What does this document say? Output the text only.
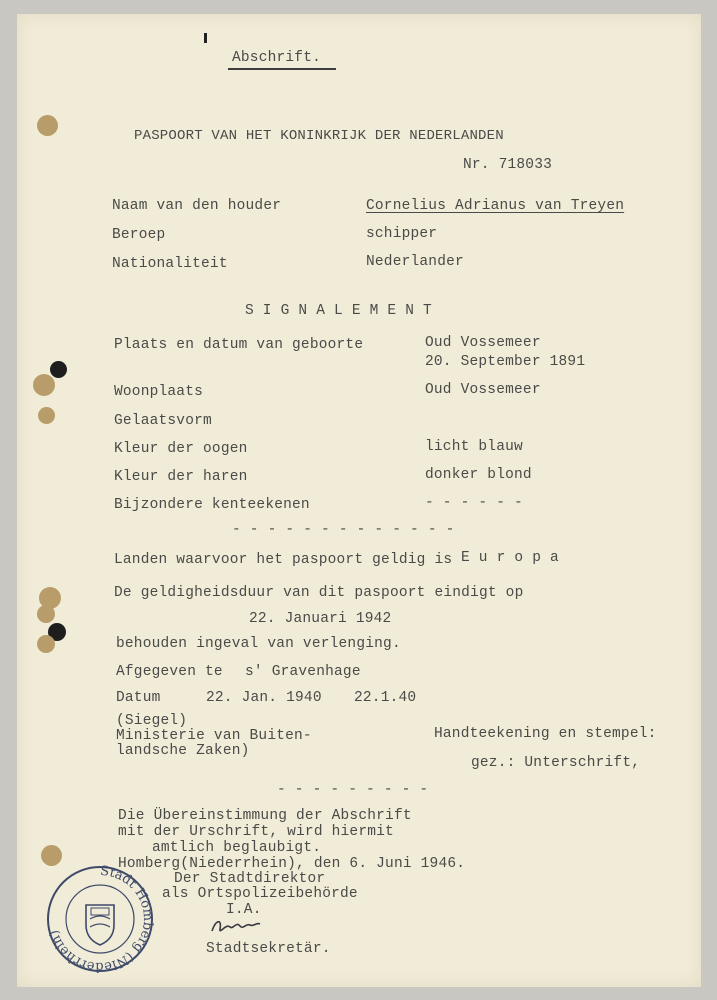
Abschrift.
PASPOORT VAN HET KONINKRIJK DER NEDERLANDEN
Nr. 718033
Naam van den houder	Cornelius Adrianus van Treyen
Beroep	schipper
Nationaliteit	Nederlander
S I G N A L E M E N T
Plaats en datum van geboorte	Oud Vossemeer
20. September 1891
Woonplaats	Oud Vossemeer
Gelaatsvorm
Kleur der oogen	licht blauw
Kleur der haren	donker blond
Bijzondere kenteekenen	- - - - - -
- - - - - - - - - - - - -
Landen waarvoor het paspoort geldig is E u r o p a
De geldigheidsduur van dit paspoort eindigt op
22. Januari 1942
behouden ingeval van verlenging.
Afgegeven te s' Gravenhage
Datum	22. Jan. 1940 22.1.40
(Siegel)
Ministerie van Buiten-
landsche Zaken)
Handteekening en stempel:
gez.: Unterschrift,
- - - - - - - - -
Die Übereinstimmung der Abschrift
mit der Urschrift, wird hiermit
amtlich beglaubigt.
Homberg(Niederrhein), den 6. Juni 1946.
Der Stadtdirektor
als Ortspolizeibehörde
I.A.
Stadtsekretär.
Stadt Homberg (Niederrhein)
